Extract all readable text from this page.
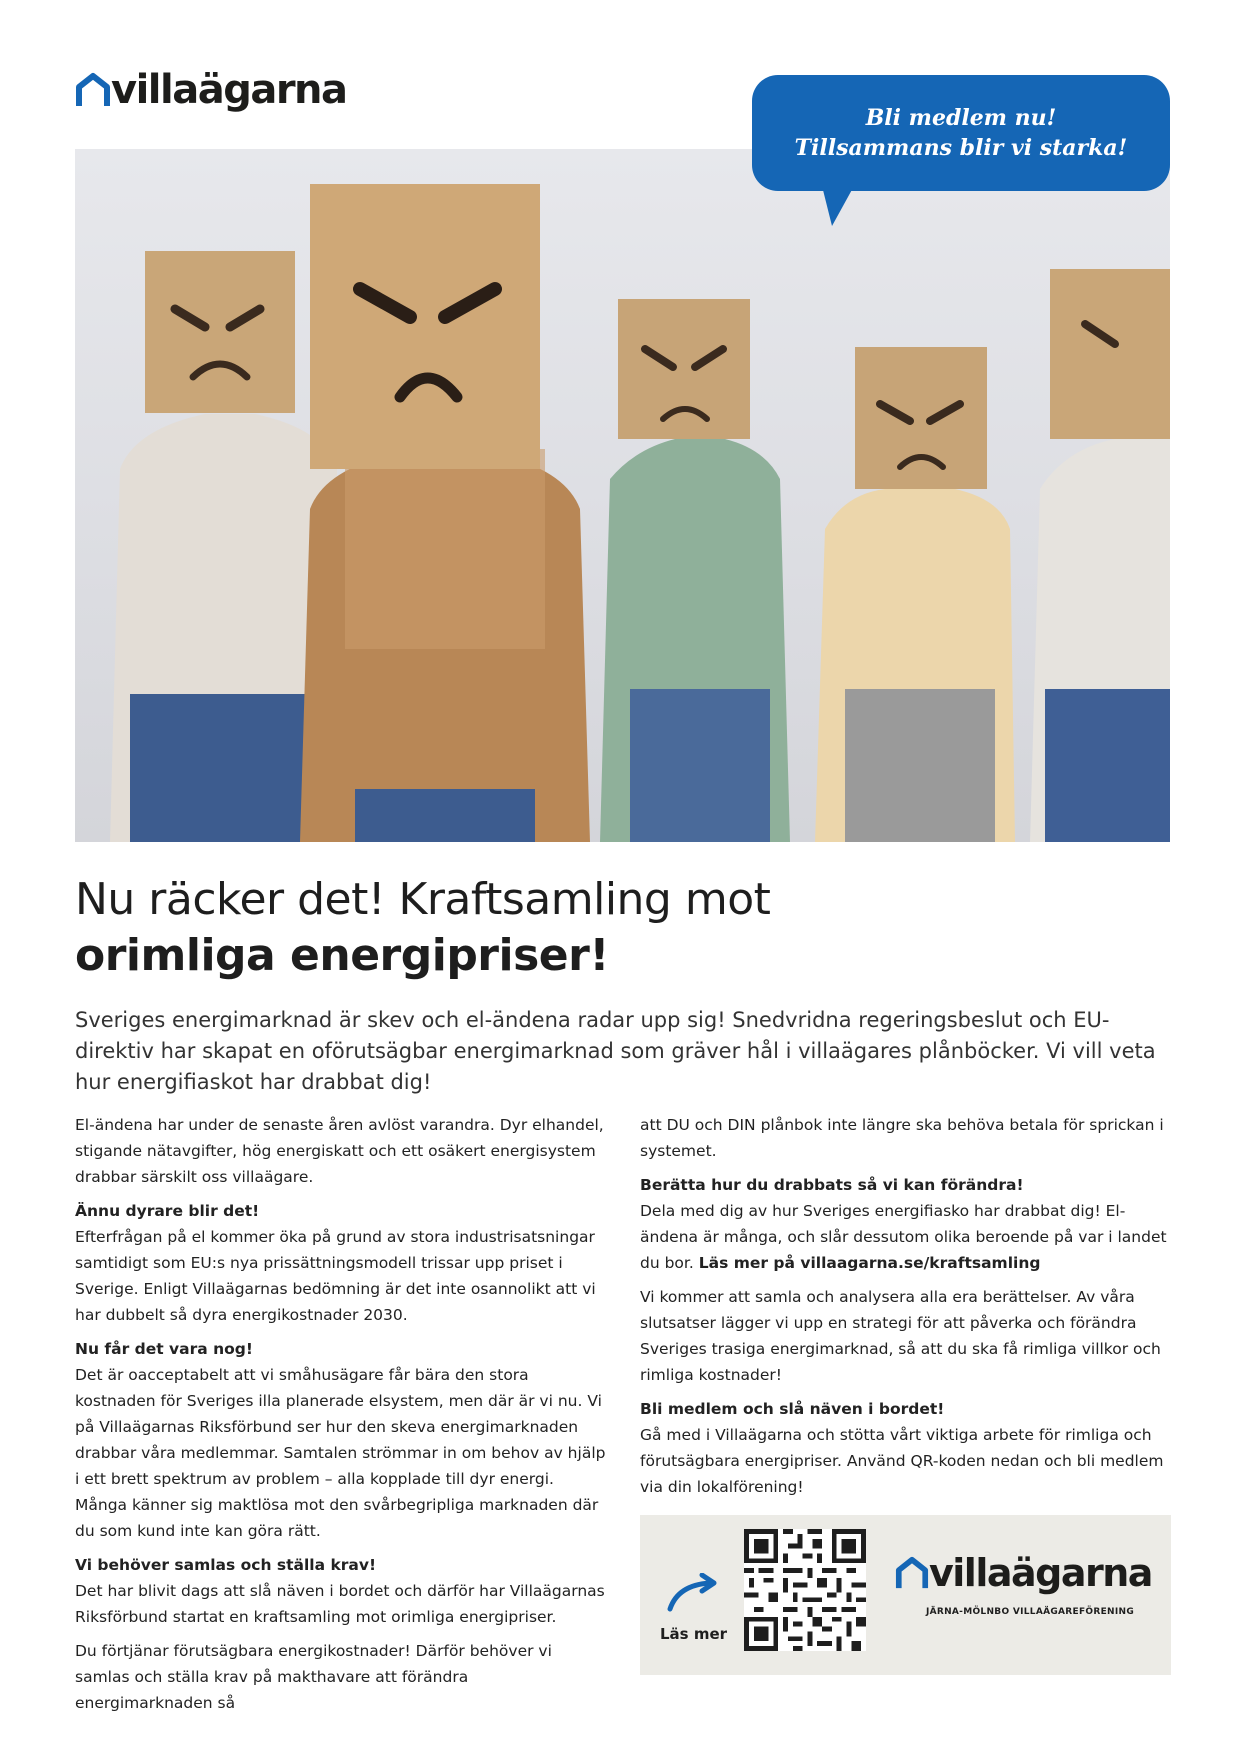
villaägarna
Bli medlem nu!
Tillsammans blir vi starka!
Nu räcker det! Kraftsamling mot
orimliga energipriser!
Sveriges energimarknad är skev och el-ändena radar upp sig! Snedvridna regeringsbeslut och EU-direktiv har skapat en oförutsägbar energimarknad som gräver hål i villaägares plånböcker. Vi vill veta hur energifiaskot har drabbat dig!

El-ändena har under de senaste åren avlöst varandra. Dyr elhandel, stigande nätavgifter, hög energiskatt och ett osäkert energisystem drabbar särskilt oss villaägare.

Ännu dyrare blir det!

Efterfrågan på el kommer öka på grund av stora industrisatsningar samtidigt som EU:s nya prissättningsmodell trissar upp priset i Sverige. Enligt Villaägarnas bedömning är det inte osannolikt att vi har dubbelt så dyra energikostnader 2030.

Nu får det vara nog!

Det är oacceptabelt att vi småhusägare får bära den stora kostnaden för Sveriges illa planerade elsystem, men där är vi nu. Vi på Villaägarnas Riksförbund ser hur den skeva energimarknaden drabbar våra medlemmar. Samtalen strömmar in om behov av hjälp i ett brett spektrum av problem – alla kopplade till dyr energi. Många känner sig maktlösa mot den svårbegripliga marknaden där du som kund inte kan göra rätt.

Vi behöver samlas och ställa krav!

Det har blivit dags att slå näven i bordet och därför har Villaägarnas Riksförbund startat en kraftsamling mot orimliga energipriser.

Du förtjänar förutsägbara energikostnader! Därför behöver vi samlas och ställa krav på makthavare att förändra energimarknaden så

att DU och DIN plånbok inte längre ska behöva betala för sprickan i systemet.

Berätta hur du drabbats så vi kan förändra!

Dela med dig av hur Sveriges energifiasko har drabbat dig! El-ändena är många, och slår dessutom olika beroende på var i landet du bor. Läs mer på villaagarna.se/kraftsamling

Vi kommer att samla och analysera alla era berättelser. Av våra slutsatser lägger vi upp en strategi för att påverka och förändra Sveriges trasiga energimarknad, så att du ska få rimliga villkor och rimliga kostnader!

Bli medlem och slå näven i bordet!

Gå med i Villaägarna och stötta vårt viktiga arbete för rimliga och förutsägbara energipriser. Använd QR-koden nedan och bli medlem via din lokalförening!

Läs mer
villaägarna
JÄRNA-MÖLNBO VILLAÄGAREFÖRENING
